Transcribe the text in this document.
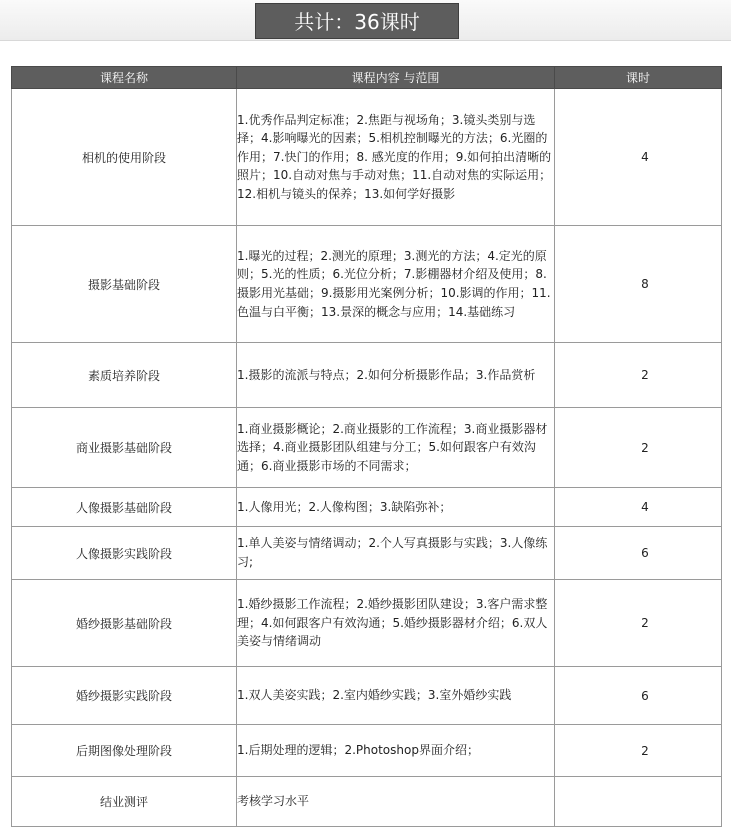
共计：36课时
课程名称	课程内容 与范围	课时
相机的使用阶段	1.优秀作品判定标准；2.焦距与视场角；3.镜头类别与选择；4.影响曝光的因素；5.相机控制曝光的方法；6.光圈的作用；7.快门的作用；8. 感光度的作用；9.如何拍出清晰的照片；10.自动对焦与手动对焦；11.自动对焦的实际运用；12.相机与镜头的保养；13.如何学好摄影	4
摄影基础阶段	1.曝光的过程；2.测光的原理；3.测光的方法；4.定光的原则；5.光的性质；6.光位分析；7.影棚器材介绍及使用；8.摄影用光基础；9.摄影用光案例分析；10.影调的作用；11.色温与白平衡；13.景深的概念与应用；14.基础练习	8
素质培养阶段	1.摄影的流派与特点；2.如何分析摄影作品；3.作品赏析	2
商业摄影基础阶段	1.商业摄影概论；2.商业摄影的工作流程；3.商业摄影器材选择；4.商业摄影团队组建与分工；5.如何跟客户有效沟通；6.商业摄影市场的不同需求；	2
人像摄影基础阶段	1.人像用光；2.人像构图；3.缺陷弥补；	4
人像摄影实践阶段	1.单人美姿与情绪调动；2.个人写真摄影与实践；3.人像练习;	6
婚纱摄影基础阶段	1.婚纱摄影工作流程；2.婚纱摄影团队建设；3.客户需求整理；4.如何跟客户有效沟通；5.婚纱摄影器材介绍；6.双人美姿与情绪调动	2
婚纱摄影实践阶段	1.双人美姿实践；2.室内婚纱实践；3.室外婚纱实践	6
后期图像处理阶段	1.后期处理的逻辑；2.Photoshop界面介绍；	2
结业测评	考核学习水平	
